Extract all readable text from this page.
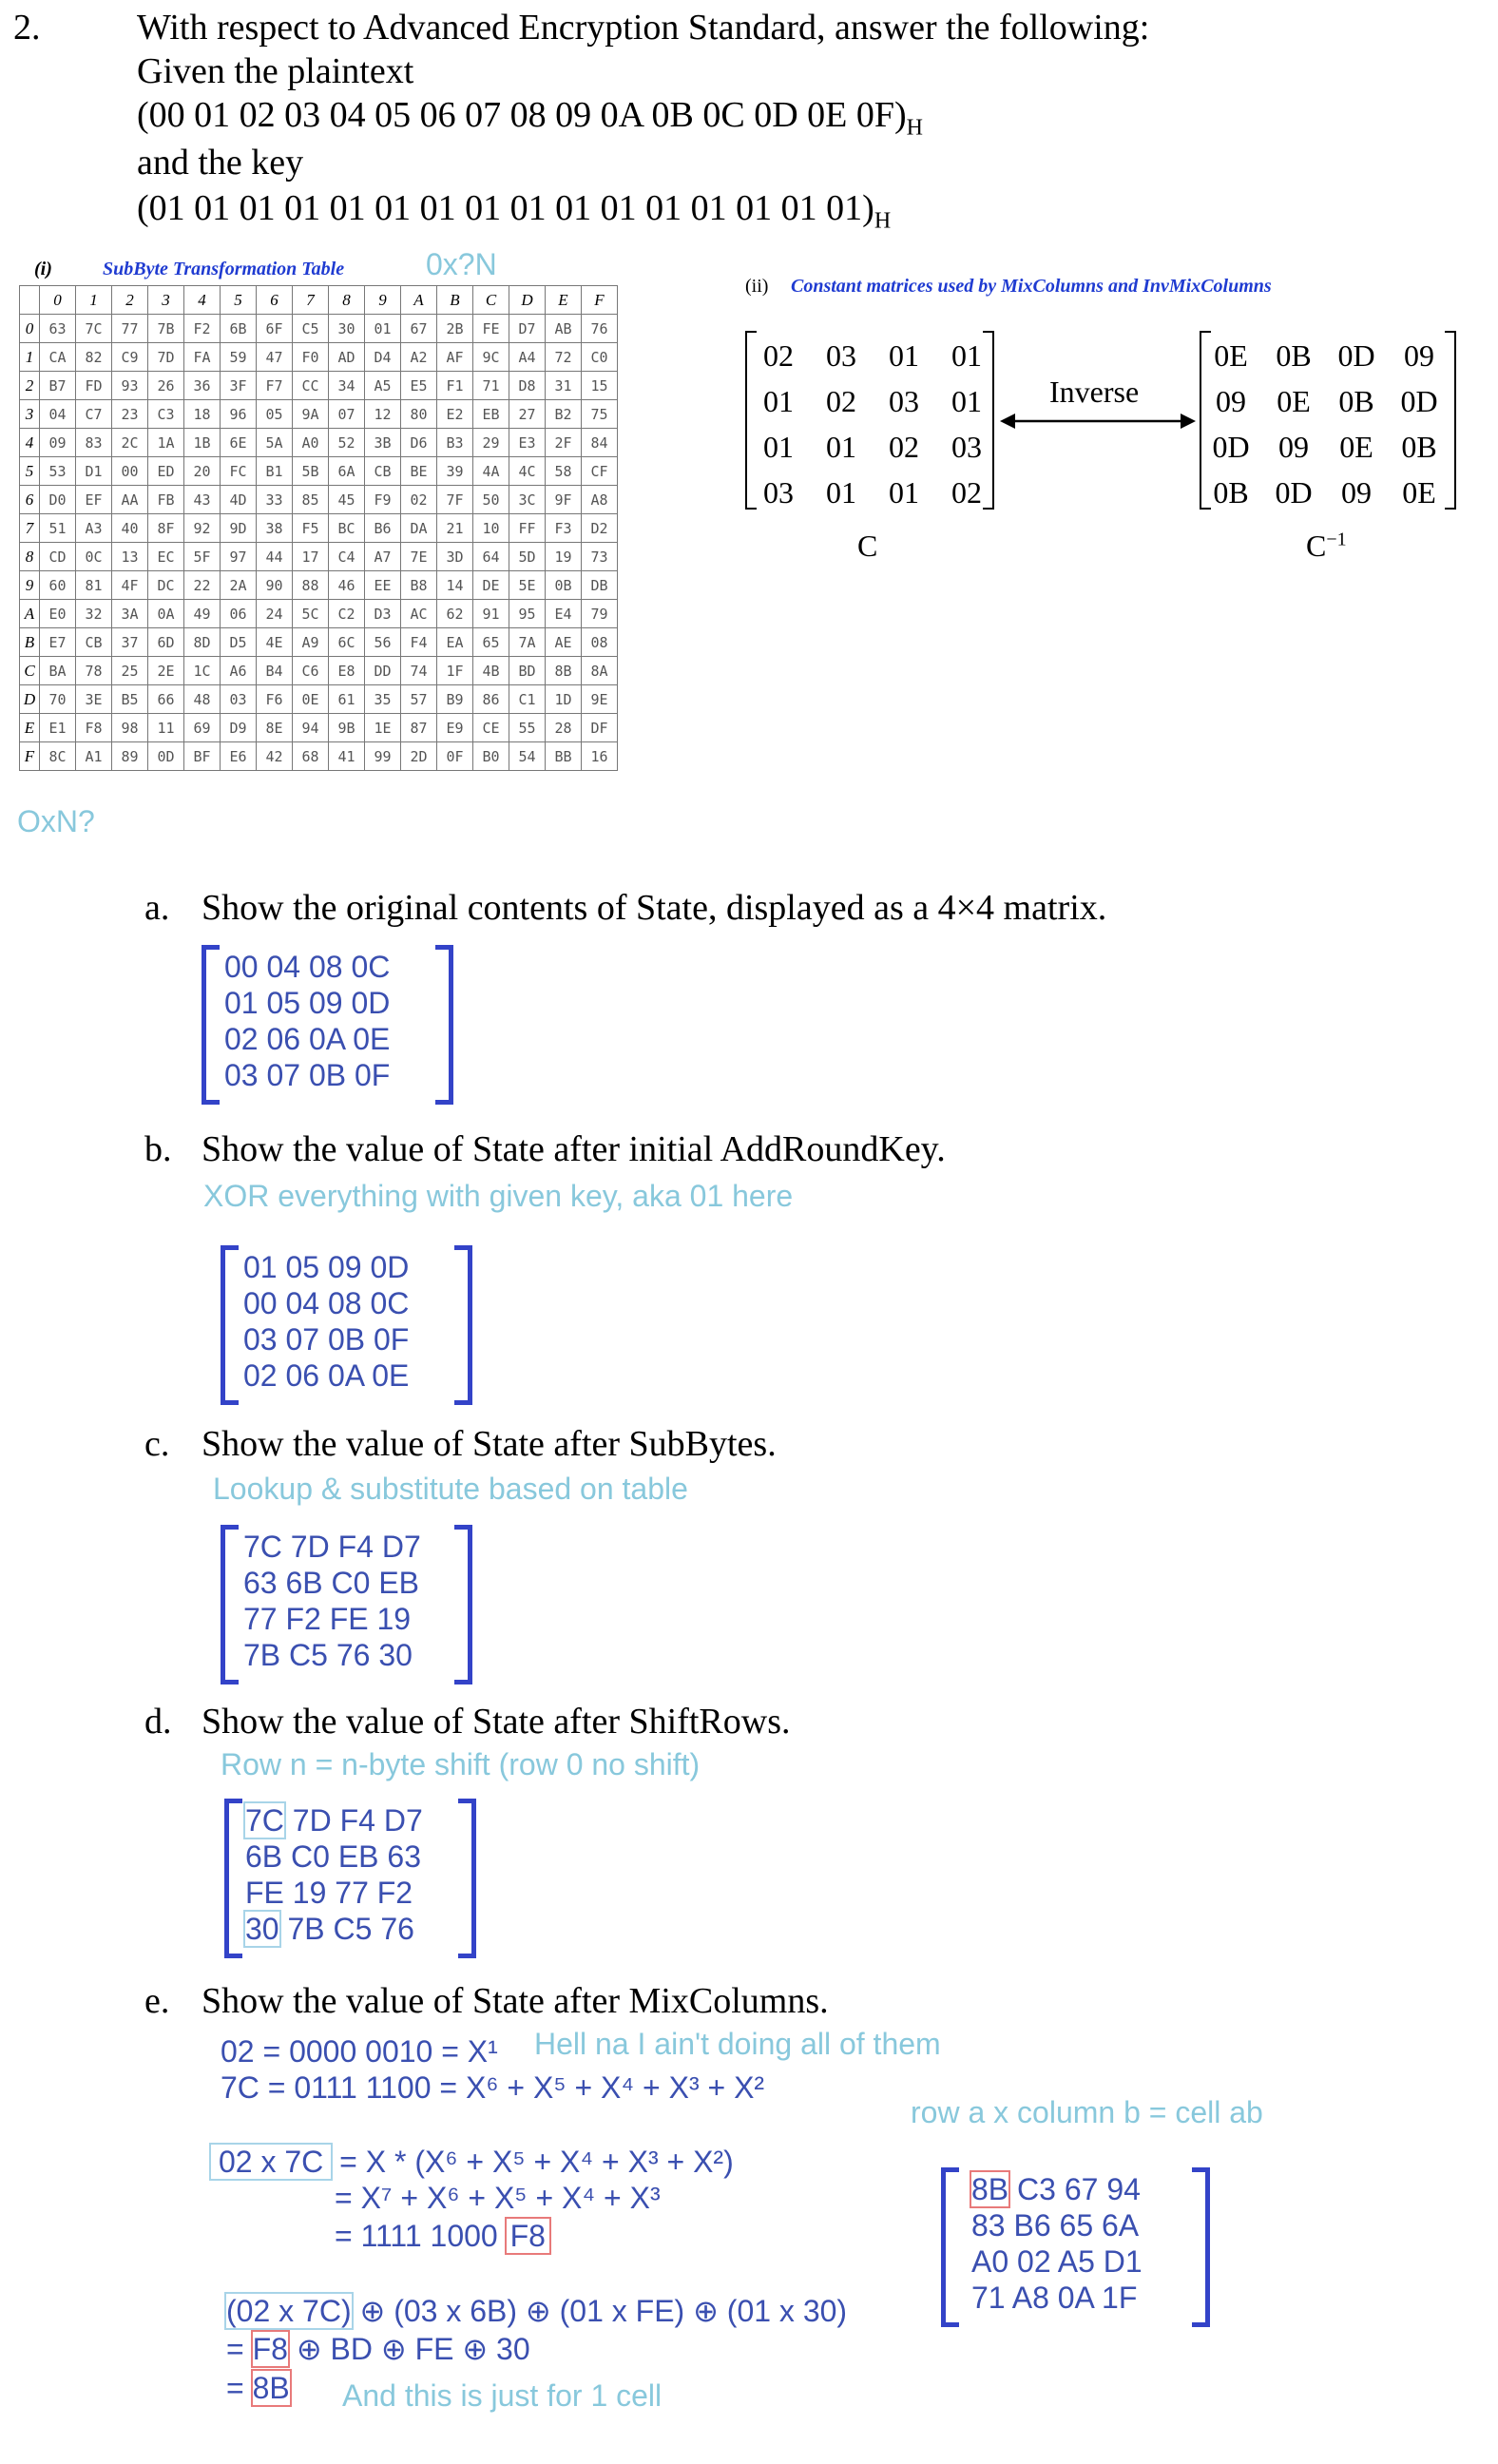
2.	With respect to Advanced Encryption Standard, answer the following:
Given the plaintext
(00 01 02 03 04 05 06 07 08 09 0A 0B 0C 0D 0E $0F)_H$
and the key
(01 01 01 01 01 01 01 01 01 01 01 01 01 01 01 $01)_H$
(i)	SubByte Transformation Table	0x?N
	0	1	2	3	4	5	6	7	8	9	A	B	C	D	E	F
0	63	7C	77	7B	F2	6B	6F	C5	30	01	67	2B	FE	D7	AB	76
1	CA	82	C9	7D	FA	59	47	F0	AD	D4	A2	AF	9C	A4	72	C0
2	B7	FD	93	26	36	3F	F7	CC	34	A5	E5	F1	71	D8	31	15
3	04	C7	23	C3	18	96	05	9A	07	12	80	E2	EB	27	B2	75
4	09	83	2C	1A	1B	6E	5A	A0	52	3B	D6	B3	29	E3	2F	84
5	53	D1	00	ED	20	FC	B1	5B	6A	CB	BE	39	4A	4C	58	CF
6	D0	EF	AA	FB	43	4D	33	85	45	F9	02	7F	50	3C	9F	A8
7	51	A3	40	8F	92	9D	38	F5	BC	B6	DA	21	10	FF	F3	D2
8	CD	0C	13	EC	5F	97	44	17	C4	A7	7E	3D	64	5D	19	73
9	60	81	4F	DC	22	2A	90	88	46	EE	B8	14	DE	5E	0B	DB
A	E0	32	3A	0A	49	06	24	5C	C2	D3	AC	62	91	95	E4	79
B	E7	CB	37	6D	8D	D5	4E	A9	6C	56	F4	EA	65	7A	AE	08
C	BA	78	25	2E	1C	A6	B4	C6	E8	DD	74	1F	4B	BD	8B	8A
D	70	3E	B5	66	48	03	F6	0E	61	35	57	B9	86	C1	1D	9E
E	E1	F8	98	11	69	D9	8E	94	9B	1E	87	E9	CE	55	28	DF
F	8C	A1	89	0D	BF	E6	42	68	41	99	2D	0F	B0	54	BB	16
OxN?
(ii) Constant matrices used by MixColumns and InvMixColumns
02	03	01	01
01	02	03	01
01	01	02	03
03	01	01	02
C
Inverse
0E 0B 0D 09
09	0E 0B 0D
0D 09	0E 0B
0B 0D 09	0E
$C^{-1}$
a. Show the original contents of State, displayed as a 4×4 matrix.
00 04 08 0C
01 05 09 0D
02 06 0A 0E
03 07 0B 0F
b. Show the value of State after initial AddRoundKey.
XOR everything with given key, aka 01 here
01 05 09 0D
00 04 08 0C
03 07 0B 0F
02 06 0A 0E
c. Show the value of State after SubBytes.
Lookup & substitute based on table
7C 7D F4 D7
63 6B C0 EB
77 F2 FE 19
7B C5 76 30
d. Show the value of State after ShiftRows.
Row n = n-byte shift (row 0 no shift)
7C 7D F4 D7
6B C0 EB 63
FE 19 77 F2
30 7B C5 76
e. Show the value of State after MixColumns.
02 = 0000 0010 = X¹ Hell na I ain't doing all of them
7C = 0111 1100 = X⁶ + X⁵ + X⁴ + X³ + X²
row a x column b = cell ab
02 x 7C = X * (X⁶ + X⁵ + X⁴ + X³ + X²)
= X⁷ + X⁶ + X⁵ + X⁴ + X³
= 1111 1000 F8
8B C3 67 94
83 B6 65 6A
A0 02 A5 D1
71 A8 0A 1F
(02 x 7C) ⊕ (03 x 6B) ⊕ (01 x FE) ⊕ (01 x 30)
= F8 ⊕ BD ⊕ FE ⊕ 30
= 8B And this is just for 1 cell
